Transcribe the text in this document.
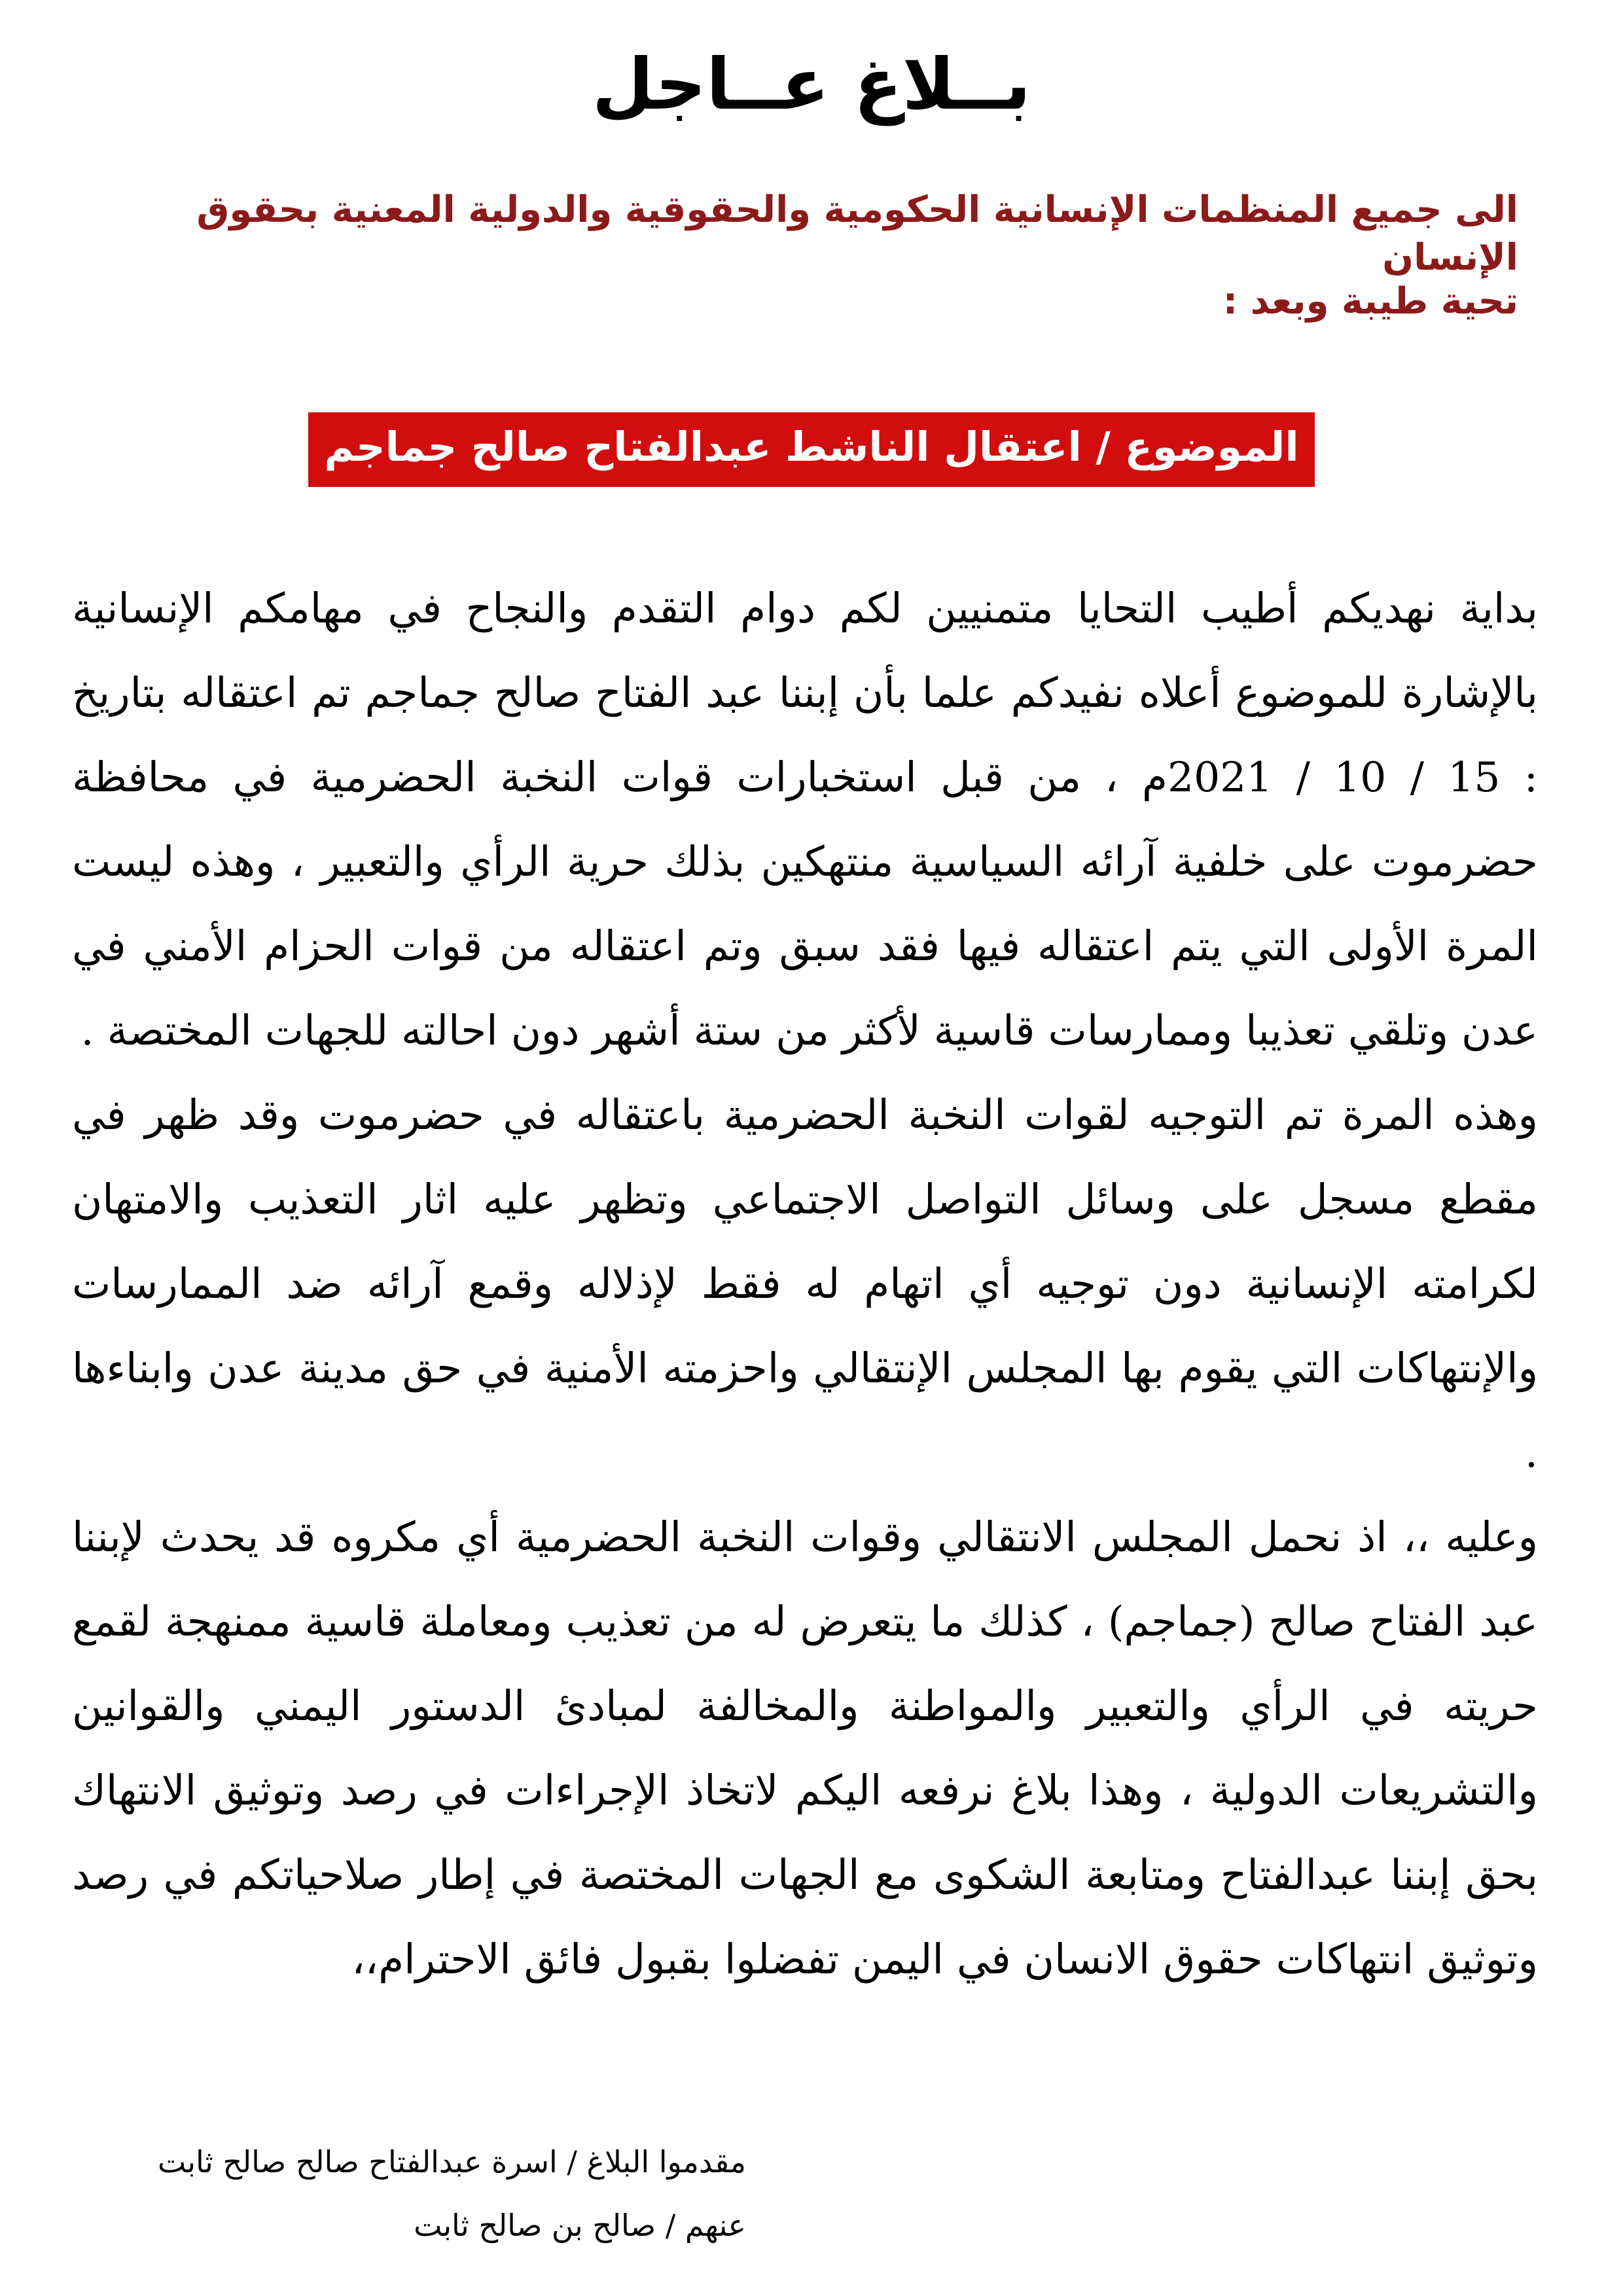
بــلاغ عــاجل
الى جميع المنظمات الإنسانية الحكومية والحقوقية والدولية المعنية بحقوق الإنسان
تحية طيبة وبعد :
الموضوع / اعتقال الناشط عبدالفتاح صالح جماجم

بداية نهديكم أطيب التحايا متمنيين لكم دوام التقدم والنجاح في مهامكم الإنسانية بالإشارة للموضوع أعلاه نفيدكم علما بأن إبننا عبد الفتاح صالح جماجم تم اعتقاله بتاريخ : 15 / 10 / 2021م ، من قبل استخبارات قوات النخبة الحضرمية في محافظة حضرموت على خلفية آرائه السياسية منتهكين بذلك حرية الرأي والتعبير ، وهذه ليست المرة الأولى التي يتم اعتقاله فيها فقد سبق وتم اعتقاله من قوات الحزام الأمني في عدن وتلقي تعذيبا وممارسات قاسية لأكثر من ستة أشهر دون احالته للجهات المختصة .

وهذه المرة تم التوجيه لقوات النخبة الحضرمية باعتقاله في حضرموت وقد ظهر في مقطع مسجل على وسائل التواصل الاجتماعي وتظهر عليه اثار التعذيب والامتهان لكرامته الإنسانية دون توجيه أي اتهام له فقط لإذلاله وقمع آرائه ضد الممارسات والإنتهاكات التي يقوم بها المجلس الإنتقالي واحزمته الأمنية في حق مدينة عدن وابناءها .

وعليه ،، اذ نحمل المجلس الانتقالي وقوات النخبة الحضرمية أي مكروه قد يحدث لإبننا عبد الفتاح صالح (جماجم) ، كذلك ما يتعرض له من تعذيب ومعاملة قاسية ممنهجة لقمع حريته في الرأي والتعبير والمواطنة والمخالفة لمبادئ الدستور اليمني والقوانين والتشريعات الدولية ، وهذا بلاغ نرفعه اليكم لاتخاذ الإجراءات في رصد وتوثيق الانتهاك بحق إبننا عبدالفتاح ومتابعة الشكوى مع الجهات المختصة في إطار صلاحياتكم في رصد وتوثيق انتهاكات حقوق الانسان في اليمن تفضلوا بقبول فائق الاحترام،،

مقدموا البلاغ / اسرة عبدالفتاح صالح صالح ثابت
عنهم / صالح بن صالح ثابت
